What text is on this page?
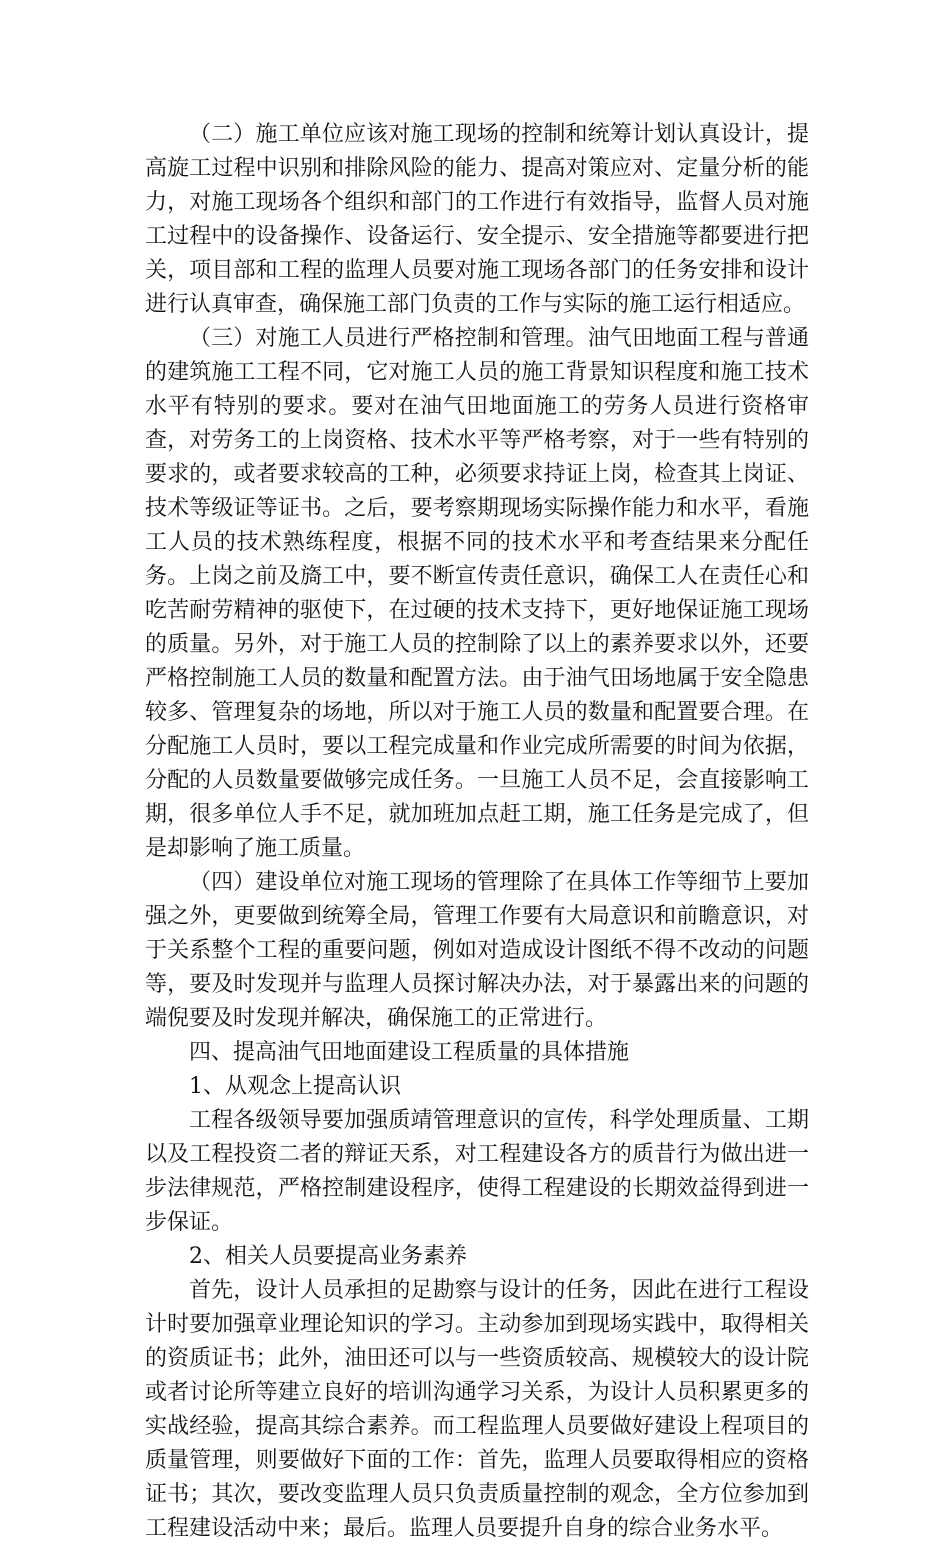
（二）施工单位应该对施工现场的控制和统筹计划认真设计，提高旋工过程中识别和排除风险的能力、提高对策应对、定量分析的能力，对施工现场各个组织和部门的工作进行有效指导，监督人员对施工过程中的设备操作、设备运行、安全提示、安全措施等都要进行把关，项目部和工程的监理人员要对施工现场各部门的任务安排和设计进行认真审查，确保施工部门负责的工作与实际的施工运行相适应。

（三）对施工人员进行严格控制和管理。油气田地面工程与普通的建筑施工工程不同，它对施工人员的施工背景知识程度和施工技术水平有特别的要求。要对在油气田地面施工的劳务人员进行资格审查，对劳务工的上岗资格、技术水平等严格考察，对于一些有特别的要求的，或者要求较高的工种，必须要求持证上岗，检查其上岗证、技术等级证等证书。之后，要考察期现场实际操作能力和水平，看施工人员的技术熟练程度，根据不同的技术水平和考查结果来分配任务。上岗之前及旖工中，要不断宣传责任意识，确保工人在责任心和吃苦耐劳精神的驱使下，在过硬的技术支持下，更好地保证施工现场的质量。另外，对于施工人员的控制除了以上的素养要求以外，还要严格控制施工人员的数量和配置方法。由于油气田场地属于安全隐患较多、管理复杂的场地，所以对于施工人员的数量和配置要合理。在分配施工人员时，要以工程完成量和作业完成所需要的时间为依据，分配的人员数量要做够完成任务。一旦施工人员不足，会直接影响工期，很多单位人手不足，就加班加点赶工期，施工任务是完成了，但是却影响了施工质量。

（四）建设单位对施工现场的管理除了在具体工作等细节上要加强之外，更要做到统筹全局，管理工作要有大局意识和前瞻意识，对于关系整个工程的重要问题，例如对造成设计图纸不得不改动的问题等，要及时发现并与监理人员探讨解决办法，对于暴露出来的问题的端倪要及时发现并解决，确保施工的正常进行。

四、提高油气田地面建设工程质量的具体措施

1、从观念上提高认识

工程各级领导要加强质靖管理意识的宣传，科学处理质量、工期以及工程投资二者的辩证天系，对工程建设各方的质昔行为做出进一步法律规范，严格控制建设程序，使得工程建设的长期效益得到进一步保证。

2、相关人员要提高业务素养

首先，设计人员承担的足勘察与设计的任务，因此在进行工程设计时要加强章业理论知识的学习。主动参加到现场实践中，取得相关的资质证书；此外，油田还可以与一些资质较高、规模较大的设计院或者讨论所等建立良好的培训沟通学习关系，为设计人员积累更多的实战经验，提高其综合素养。而工程监理人员要做好建设上程项目的质量管理，则要做好下面的工作：首先，监理人员要取得相应的资格证书；其次，要改变监理人员只负责质量控制的观念，全方位参加到工程建设活动中来；最后。监理人员要提升自身的综合业务水平。
